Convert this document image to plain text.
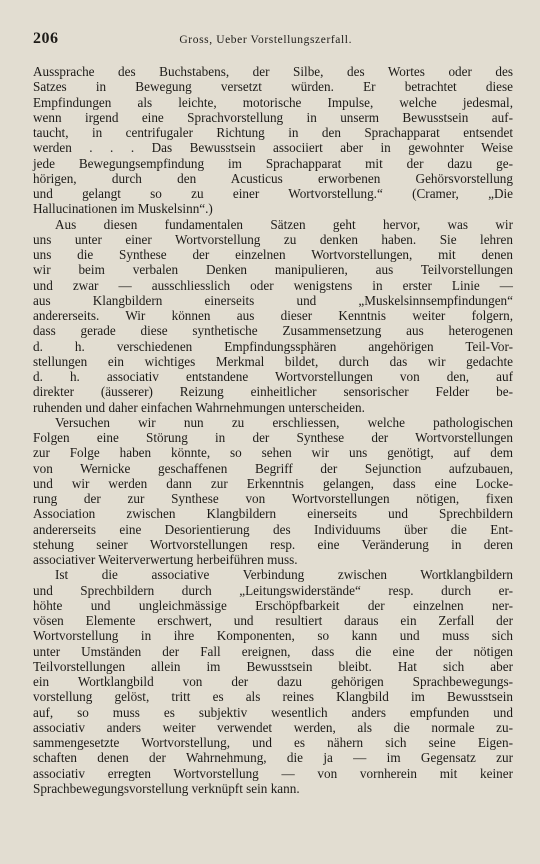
206	Gross, Ueber Vorstellungszerfall.
Aussprache des Buchstabens, der Silbe, des Wortes oder des
Satzes in Bewegung versetzt würden. Er betrachtet diese
Empfindungen als leichte, motorische Impulse, welche jedesmal,
wenn irgend eine Sprachvorstellung in unserm Bewusstsein auf-
taucht, in centrifugaler Richtung in den Sprachapparat entsendet
werden . . . Das Bewusstsein associiert aber in gewohnter Weise
jede Bewegungsempfindung im Sprachapparat mit der dazu ge-
hörigen, durch den Acusticus erworbenen Gehörsvorstellung
und gelangt so zu einer Wortvorstellung.“ (Cramer, „Die
Hallucinationen im Muskelsinn“.)
Aus diesen fundamentalen Sätzen geht hervor, was wir
uns unter einer Wortvorstellung zu denken haben. Sie lehren
uns die Synthese der einzelnen Wortvorstellungen, mit denen
wir beim verbalen Denken manipulieren, aus Teilvorstellungen
und zwar — ausschliesslich oder wenigstens in erster Linie —
aus Klangbildern einerseits und „Muskelsinnsempfindungen“
andererseits. Wir können aus dieser Kenntnis weiter folgern,
dass gerade diese synthetische Zusammensetzung aus heterogenen
d. h. verschiedenen Empfindungssphären angehörigen Teil-Vor-
stellungen ein wichtiges Merkmal bildet, durch das wir gedachte
d. h. associativ entstandene Wortvorstellungen von den, auf
direkter (äusserer) Reizung einheitlicher sensorischer Felder be-
ruhenden und daher einfachen Wahrnehmungen unterscheiden.
Versuchen wir nun zu erschliessen, welche pathologischen
Folgen eine Störung in der Synthese der Wortvorstellungen
zur Folge haben könnte, so sehen wir uns genötigt, auf dem
von Wernicke geschaffenen Begriff der Sejunction aufzubauen,
und wir werden dann zur Erkenntnis gelangen, dass eine Locke-
rung der zur Synthese von Wortvorstellungen nötigen, fixen
Association zwischen Klangbildern einerseits und Sprechbildern
andererseits eine Desorientierung des Individuums über die Ent-
stehung seiner Wortvorstellungen resp. eine Veränderung in deren
associativer Weiterverwertung herbeiführen muss.
Ist die associative Verbindung zwischen Wortklangbildern
und Sprechbildern durch „Leitungswiderstände“ resp. durch er-
höhte und ungleichmässige Erschöpfbarkeit der einzelnen ner-
vösen Elemente erschwert, und resultiert daraus ein Zerfall der
Wortvorstellung in ihre Komponenten, so kann und muss sich
unter Umständen der Fall ereignen, dass die eine der nötigen
Teilvorstellungen allein im Bewusstsein bleibt. Hat sich aber
ein Wortklangbild von der dazu gehörigen Sprachbewegungs-
vorstellung gelöst, tritt es als reines Klangbild im Bewusstsein
auf, so muss es subjektiv wesentlich anders empfunden und
associativ anders weiter verwendet werden, als die normale zu-
sammengesetzte Wortvorstellung, und es nähern sich seine Eigen-
schaften denen der Wahrnehmung, die ja — im Gegensatz zur
associativ erregten Wortvorstellung — von vornherein mit keiner
Sprachbewegungsvorstellung verknüpft sein kann.
